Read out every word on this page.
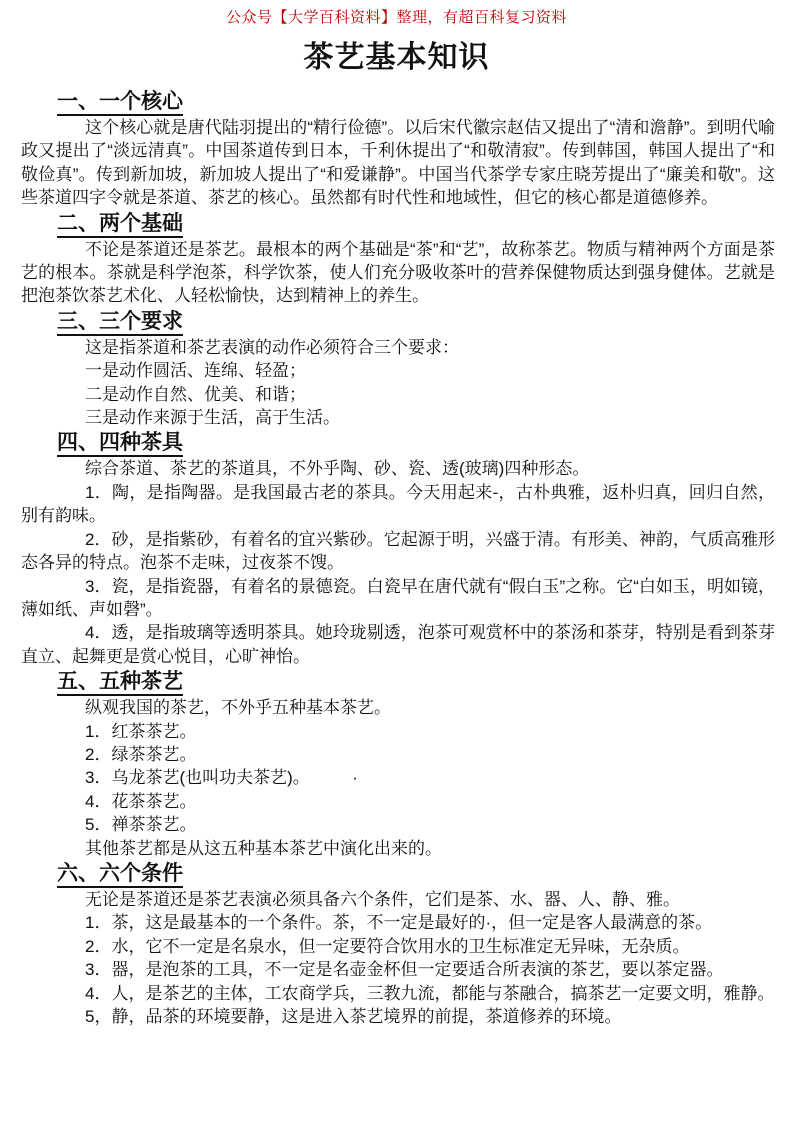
公众号【大学百科资料】整理，有超百科复习资料
茶艺基本知识
一、一个核心

这个核心就是唐代陆羽提出的“精行俭德”。以后宋代徽宗赵佶又提出了“清和澹静”。到明代喻政又提出了“淡远清真”。中国茶道传到日本，千利休提出了“和敬清寂”。传到韩国，韩国人提出了“和敬俭真”。传到新加坡，新加坡人提出了“和爱谦静”。中国当代茶学专家庄晓芳提出了“廉美和敬”。这些茶道四字令就是茶道、茶艺的核心。虽然都有时代性和地域性，但它的核心都是道德修养。

二、两个基础

不论是茶道还是茶艺。最根本的两个基础是“茶”和“艺”，故称茶艺。物质与精神两个方面是茶艺的根本。茶就是科学泡茶，科学饮茶，使人们充分吸收茶叶的营养保健物质达到强身健体。艺就是把泡茶饮茶艺术化、人轻松愉快，达到精神上的养生。

三、三个要求

这是指茶道和茶艺表演的动作必须符合三个要求：

一是动作圆活、连绵、轻盈；

二是动作自然、优美、和谐；

三是动作来源于生活，高于生活。

四、四种茶具

综合茶道、茶艺的茶道具，不外乎陶、砂、瓷、透(玻璃)四种形态。

1．陶，是指陶器。是我国最古老的茶具。今天用起来-，古朴典雅，返朴归真，回归自然，别有韵味。

2．砂，是指紫砂，有着名的宜兴紫砂。它起源于明，兴盛于清。有形美、神韵，气质高雅形态各异的特点。泡茶不走味，过夜茶不馊。

3．瓷，是指瓷器，有着名的景德瓷。白瓷早在唐代就有“假白玉”之称。它“白如玉，明如镜，薄如纸、声如磬”。

4．透，是指玻璃等透明茶具。她玲珑剔透，泡茶可观赏杯中的茶汤和茶芽，特别是看到茶芽直立、起舞更是赏心悦目，心旷神怡。

五、五种茶艺

纵观我国的茶艺，不外乎五种基本茶艺。

1．红茶茶艺。

2．绿茶茶艺。

3．乌龙茶艺(也叫功夫茶艺)。　　　·

4．花茶茶艺。

5．禅茶茶艺。

其他茶艺都是从这五种基本茶艺中演化出来的。

六、六个条件

无论是茶道还是茶艺表演必须具备六个条件，它们是茶、水、器、人、静、雅。

1．茶，这是最基本的一个条件。茶，不一定是最好的·，但一定是客人最满意的茶。

2．水，它不一定是名泉水，但一定要符合饮用水的卫生标准定无异味，无杂质。

3．器，是泡茶的工具，不一定是名壶金杯但一定要适合所表演的茶艺，要以茶定器。

4．人，是茶艺的主体，工农商学兵，三教九流，都能与茶融合，搞茶艺一定要文明，雅静。

5，静，品茶的环境要静，这是进入茶艺境界的前提，茶道修养的环境。
